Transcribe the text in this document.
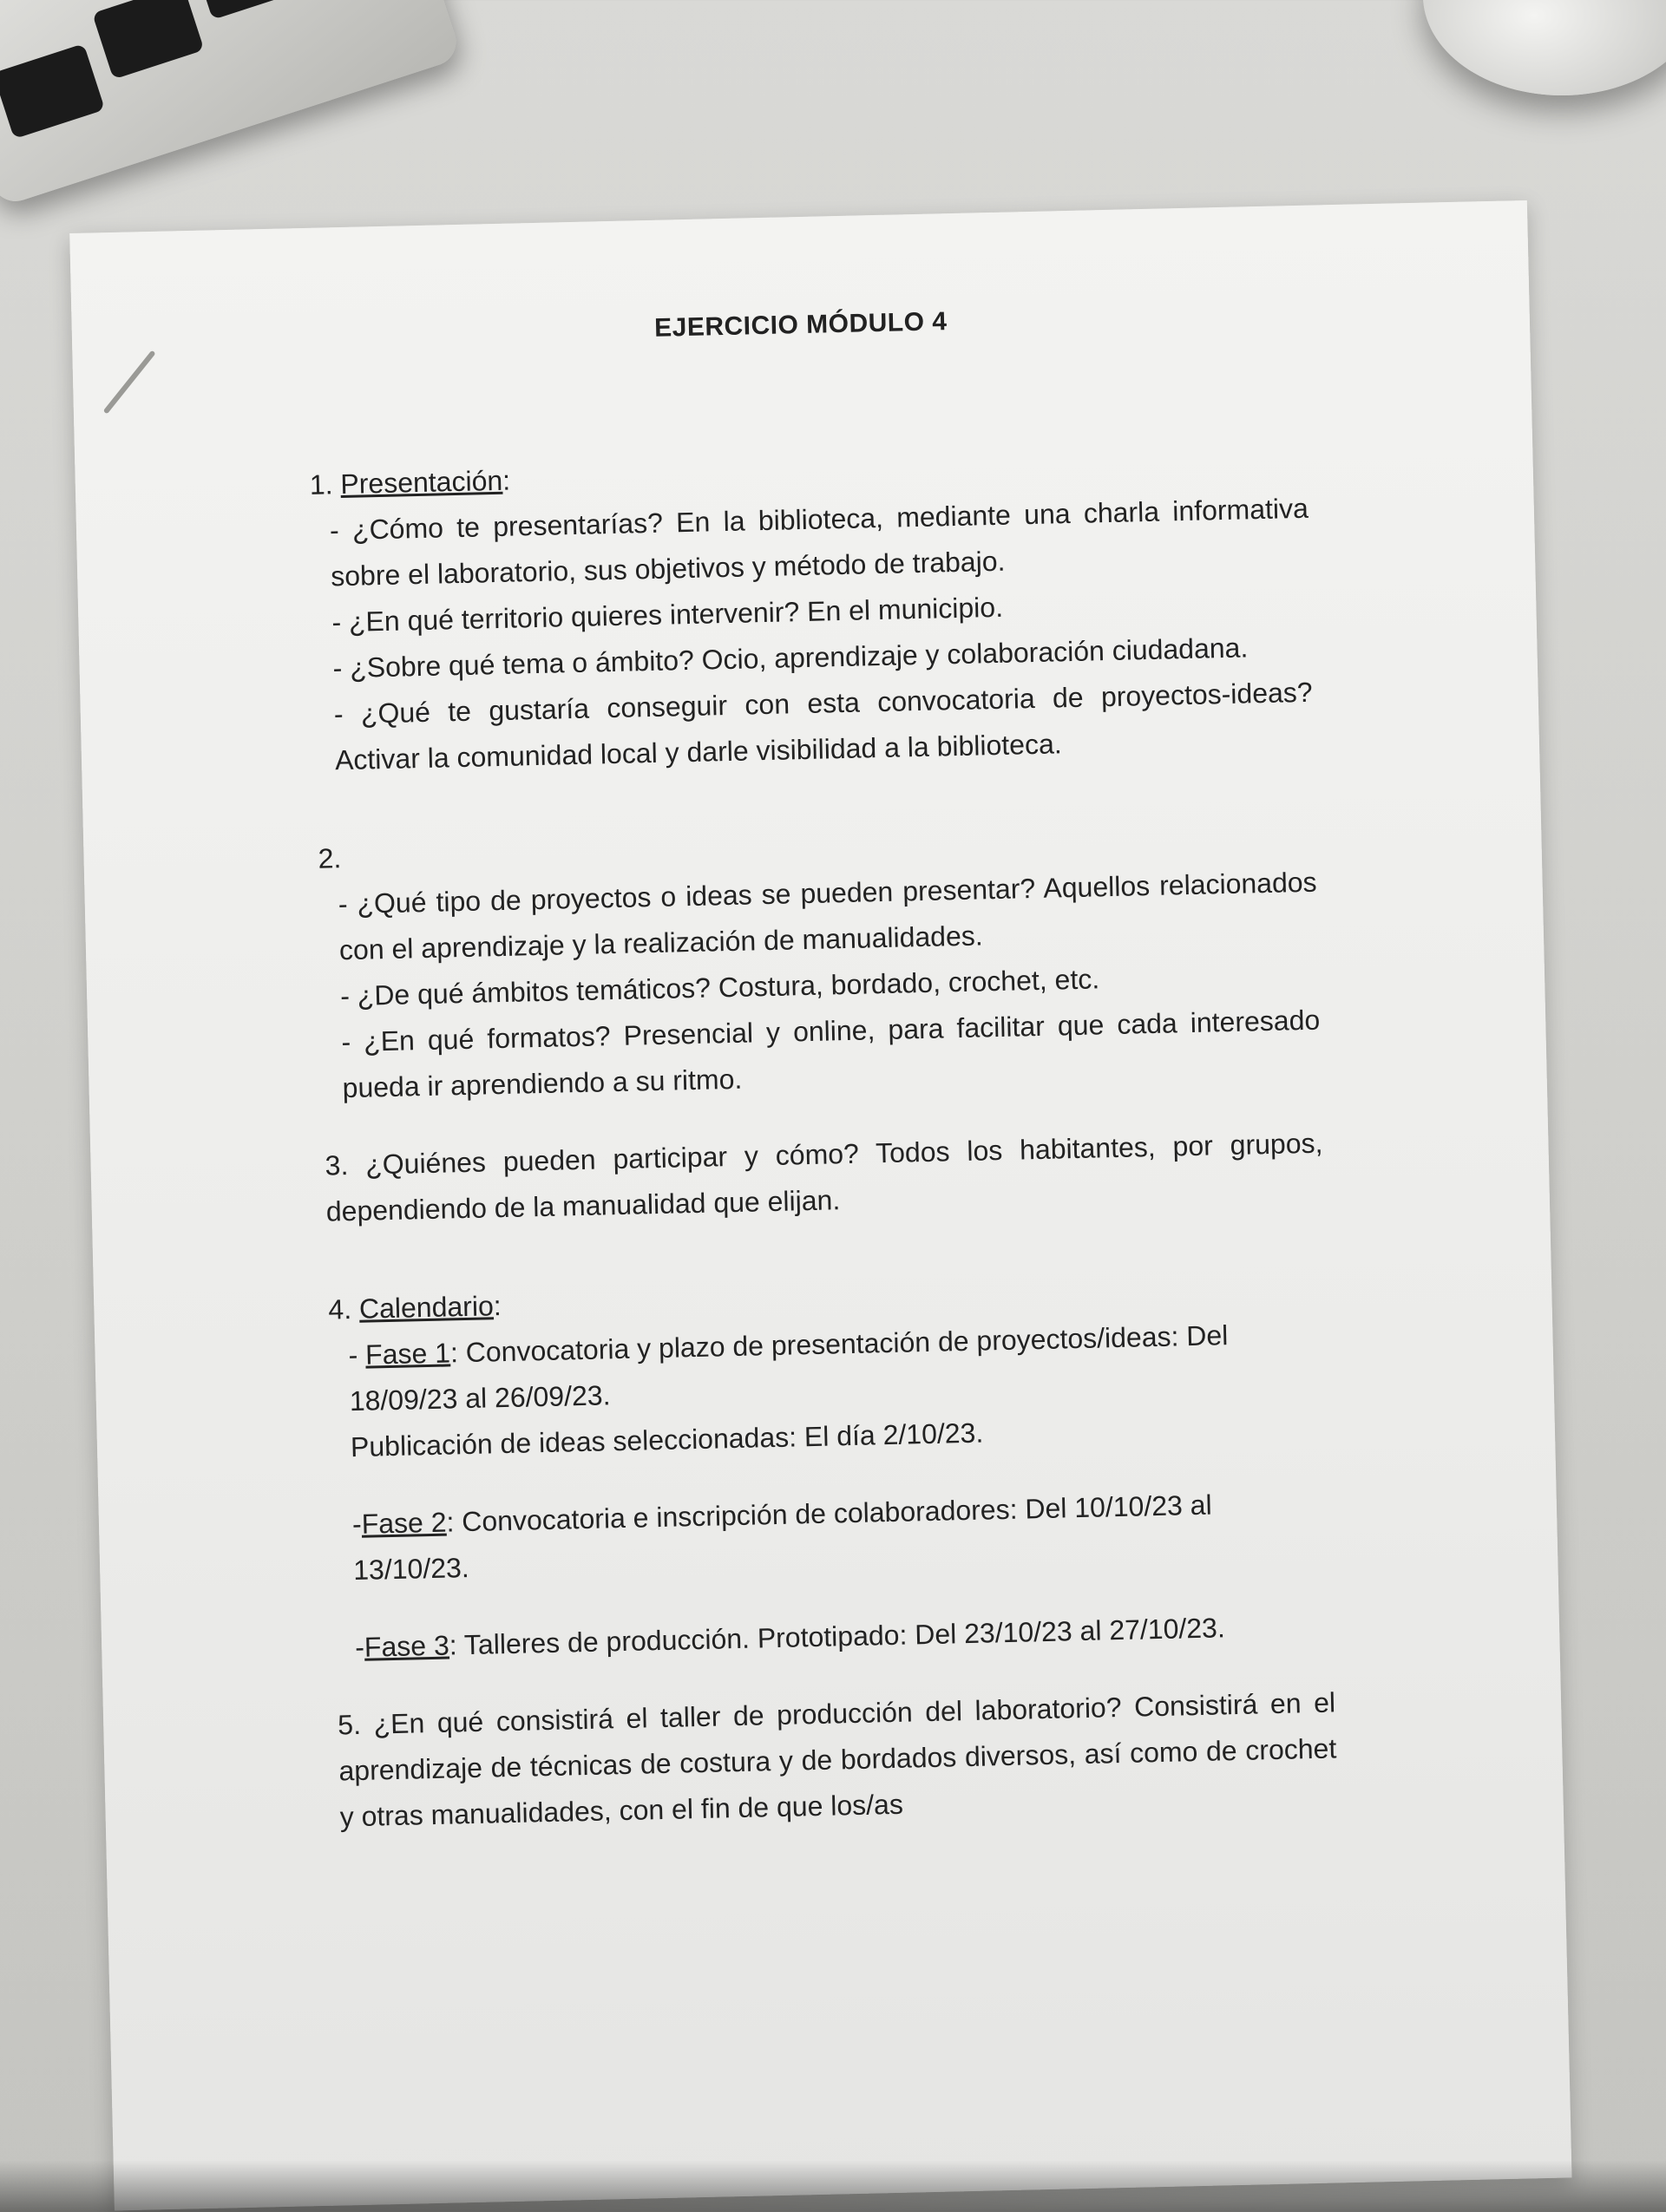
EJERCICIO MÓDULO 4

1. Presentación:

- ¿Cómo te presentarías? En la biblioteca, mediante una charla informativa sobre el laboratorio, sus objetivos y método de trabajo.

- ¿En qué territorio quieres intervenir? En el municipio.

- ¿Sobre qué tema o ámbito? Ocio, aprendizaje y colaboración ciudadana.

- ¿Qué te gustaría conseguir con esta convocatoria de proyectos-ideas? Activar la comunidad local y darle visibilidad a la biblioteca.

2.

- ¿Qué tipo de proyectos o ideas se pueden presentar? Aquellos relacionados con el aprendizaje y la realización de manualidades.

- ¿De qué ámbitos temáticos? Costura, bordado, crochet, etc.

- ¿En qué formatos? Presencial y online, para facilitar que cada interesado pueda ir aprendiendo a su ritmo.

3. ¿Quiénes pueden participar y cómo? Todos los habitantes, por grupos, dependiendo de la manualidad que elijan.

4. Calendario:

- Fase 1: Convocatoria y plazo de presentación de proyectos/ideas: Del 18/09/23 al 26/09/23.

Publicación de ideas seleccionadas: El día 2/10/23.

-Fase 2: Convocatoria e inscripción de colaboradores: Del 10/10/23 al 13/10/23.

-Fase 3: Talleres de producción. Prototipado: Del 23/10/23 al 27/10/23.

5. ¿En qué consistirá el taller de producción del laboratorio? Consistirá en el aprendizaje de técnicas de costura y de bordados diversos, así como de crochet y otras manualidades, con el fin de que los/as
